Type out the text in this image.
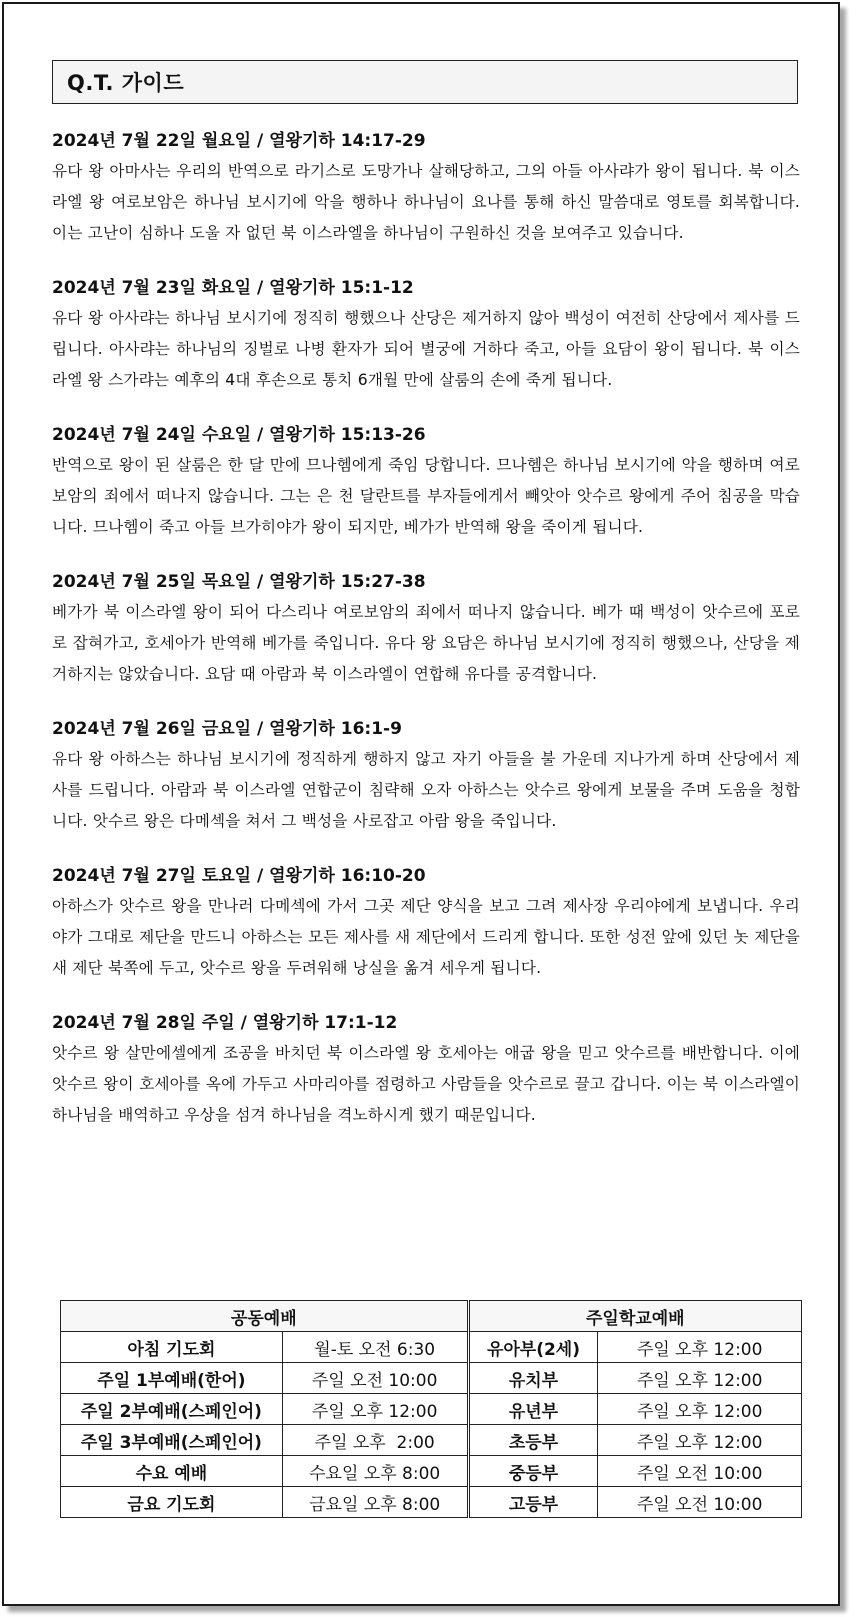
Q.T. 가이드
2024년 7월 22일 월요일 / 열왕기하 14:17-29
유다 왕 아마사는 우리의 반역으로 라기스로 도망가나 살해당하고, 그의 아들 아사랴가 왕이 됩니다. 북 이스라엘 왕 여로보암은 하나님 보시기에 악을 행하나 하나님이 요나를 통해 하신 말씀대로 영토를 회복합니다. 이는 고난이 심하나 도울 자 없던 북 이스라엘을 하나님이 구원하신 것을 보여주고 있습니다.
2024년 7월 23일 화요일 / 열왕기하 15:1-12
유다 왕 아사랴는 하나님 보시기에 정직히 행했으나 산당은 제거하지 않아 백성이 여전히 산당에서 제사를 드립니다. 아사랴는 하나님의 징벌로 나병 환자가 되어 별궁에 거하다 죽고, 아들 요담이 왕이 됩니다. 북 이스라엘 왕 스가랴는 예후의 4대 후손으로 통치 6개월 만에 살룸의 손에 죽게 됩니다.
2024년 7월 24일 수요일 / 열왕기하 15:13-26
반역으로 왕이 된 살룸은 한 달 만에 므나헴에게 죽임 당합니다. 므나헴은 하나님 보시기에 악을 행하며 여로보암의 죄에서 떠나지 않습니다. 그는 은 천 달란트를 부자들에게서 빼앗아 앗수르 왕에게 주어 침공을 막습니다. 므나헴이 죽고 아들 브가히야가 왕이 되지만, 베가가 반역해 왕을 죽이게 됩니다.
2024년 7월 25일 목요일 / 열왕기하 15:27-38
베가가 북 이스라엘 왕이 되어 다스리나 여로보암의 죄에서 떠나지 않습니다. 베가 때 백성이 앗수르에 포로로 잡혀가고, 호세아가 반역해 베가를 죽입니다. 유다 왕 요담은 하나님 보시기에 정직히 행했으나, 산당을 제거하지는 않았습니다. 요담 때 아람과 북 이스라엘이 연합해 유다를 공격합니다.
2024년 7월 26일 금요일 / 열왕기하 16:1-9
유다 왕 아하스는 하나님 보시기에 정직하게 행하지 않고 자기 아들을 불 가운데 지나가게 하며 산당에서 제사를 드립니다. 아람과 북 이스라엘 연합군이 침략해 오자 아하스는 앗수르 왕에게 보물을 주며 도움을 청합니다. 앗수르 왕은 다메섹을 쳐서 그 백성을 사로잡고 아람 왕을 죽입니다.
2024년 7월 27일 토요일 / 열왕기하 16:10-20
아하스가 앗수르 왕을 만나러 다메섹에 가서 그곳 제단 양식을 보고 그려 제사장 우리야에게 보냅니다. 우리야가 그대로 제단을 만드니 아하스는 모든 제사를 새 제단에서 드리게 합니다. 또한 성전 앞에 있던 놋 제단을 새 제단 북쪽에 두고, 앗수르 왕을 두려워해 낭실을 옮겨 세우게 됩니다.
2024년 7월 28일 주일 / 열왕기하 17:1-12
앗수르 왕 살만에셀에게 조공을 바치던 북 이스라엘 왕 호세아는 애굽 왕을 믿고 앗수르를 배반합니다. 이에 앗수르 왕이 호세아를 옥에 가두고 사마리아를 점령하고 사람들을 앗수르로 끌고 갑니다. 이는 북 이스라엘이 하나님을 배역하고 우상을 섬겨 하나님을 격노하시게 했기 때문입니다.
공동예배		주일학교예배	
아침 기도회	월-토 오전 6:30	유아부(2세)	주일 오후 12:00
주일 1부예배(한어)	주일 오전 10:00	유치부	주일 오후 12:00
주일 2부예배(스페인어)	주일 오후 12:00	유년부	주일 오후 12:00
주일 3부예배(스페인어)	주일 오후  2:00	초등부	주일 오후 12:00
수요 예배	수요일 오후 8:00	중등부	주일 오전 10:00
금요 기도회	금요일 오후 8:00	고등부	주일 오전 10:00
